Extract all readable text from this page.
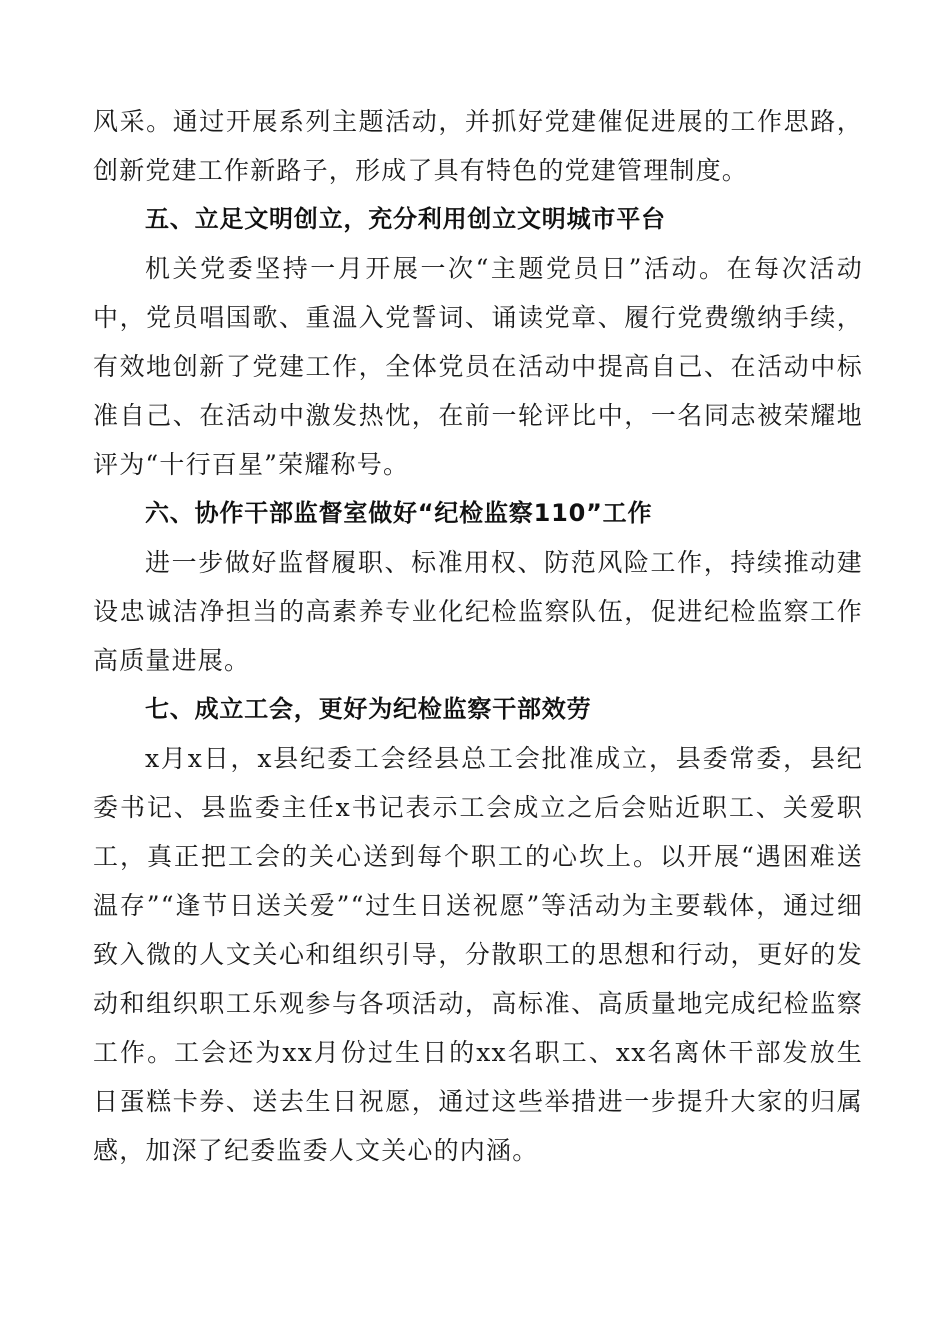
风采。通过开展系列主题活动，并抓好党建催促进展的工作思路，创新党建工作新路子，形成了具有特色的党建管理制度。

五、立足文明创立，充分利用创立文明城市平台

机关党委坚持一月开展一次“主题党员日”活动。在每次活动中，党员唱国歌、重温入党誓词、诵读党章、履行党费缴纳手续，有效地创新了党建工作，全体党员在活动中提高自己、在活动中标准自己、在活动中激发热忱，在前一轮评比中，一名同志被荣耀地评为“十行百星”荣耀称号。

六、协作干部监督室做好“纪检监察110”工作

进一步做好监督履职、标准用权、防范风险工作，持续推动建设忠诚洁净担当的高素养专业化纪检监察队伍，促进纪检监察工作高质量进展。

七、成立工会，更好为纪检监察干部效劳

x月x日，x县纪委工会经县总工会批准成立，县委常委，县纪委书记、县监委主任x书记表示工会成立之后会贴近职工、关爱职工，真正把工会的关心送到每个职工的心坎上。以开展“遇困难送温存”“逢节日送关爱”“过生日送祝愿”等活动为主要载体，通过细致入微的人文关心和组织引导，分散职工的思想和行动，更好的发动和组织职工乐观参与各项活动，高标准、高质量地完成纪检监察工作。工会还为xx月份过生日的xx名职工、xx名离休干部发放生日蛋糕卡券、送去生日祝愿，通过这些举措进一步提升大家的归属感，加深了纪委监委人文关心的内涵。
